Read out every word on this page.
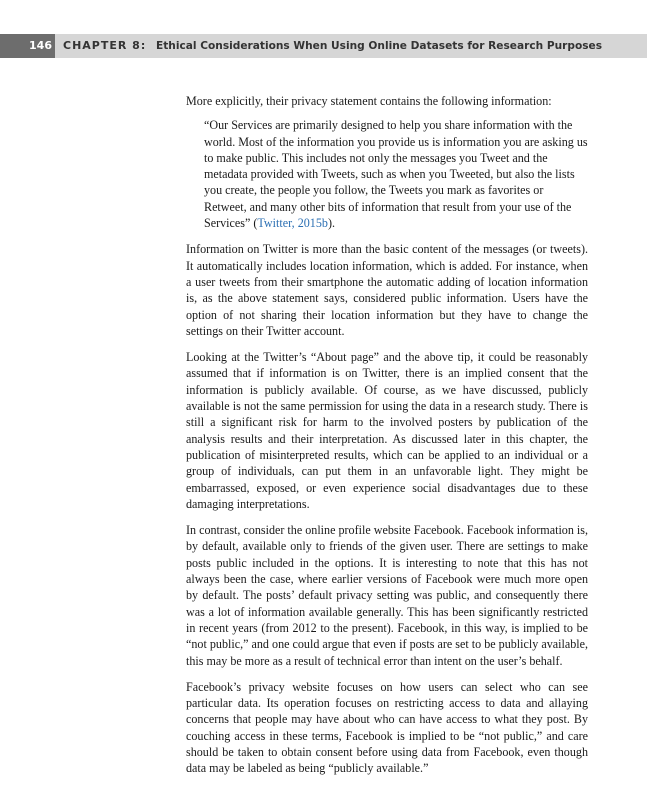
146 CHAPTER 8: Ethical Considerations When Using Online Datasets for Research Purposes

More explicitly, their privacy statement contains the following information:

“Our Services are primarily designed to help you share information with the world. Most of the information you provide us is information you are asking us to make public. This includes not only the messages you Tweet and the metadata provided with Tweets, such as when you Tweeted, but also the lists you create, the people you follow, the Tweets you mark as favorites or Retweet, and many other bits of information that result from your use of the Services” (Twitter, 2015b).

Information on Twitter is more than the basic content of the messages (or tweets). It automatically includes location information, which is added. For instance, when a user tweets from their smartphone the automatic adding of location information is, as the above statement says, considered public information. Users have the option of not sharing their location information but they have to change the settings on their Twitter account.

Looking at the Twitter’s “About page” and the above tip, it could be reasonably assumed that if information is on Twitter, there is an implied consent that the information is publicly available. Of course, as we have discussed, publicly available is not the same permission for using the data in a research study. There is still a significant risk for harm to the involved posters by publication of the analysis results and their interpretation. As discussed later in this chapter, the publication of misinterpreted results, which can be applied to an individual or a group of individuals, can put them in an unfavorable light. They might be embarrassed, exposed, or even experience social disadvantages due to these damaging interpretations.

In contrast, consider the online profile website Facebook. Facebook information is, by default, available only to friends of the given user. There are settings to make posts public included in the options. It is interesting to note that this has not always been the case, where earlier versions of Facebook were much more open by default. The posts’ default privacy setting was public, and consequently there was a lot of information available generally. This has been significantly restricted in recent years (from 2012 to the present). Facebook, in this way, is implied to be “not public,” and one could argue that even if posts are set to be publicly available, this may be more as a result of technical error than intent on the user’s behalf.

Facebook’s privacy website focuses on how users can select who can see particular data. Its operation focuses on restricting access to data and allaying concerns that people may have about who can have access to what they post. By couching access in these terms, Facebook is implied to be “not public,” and care should be taken to obtain consent before using data from Facebook, even though data may be labeled as being “publicly available.”
